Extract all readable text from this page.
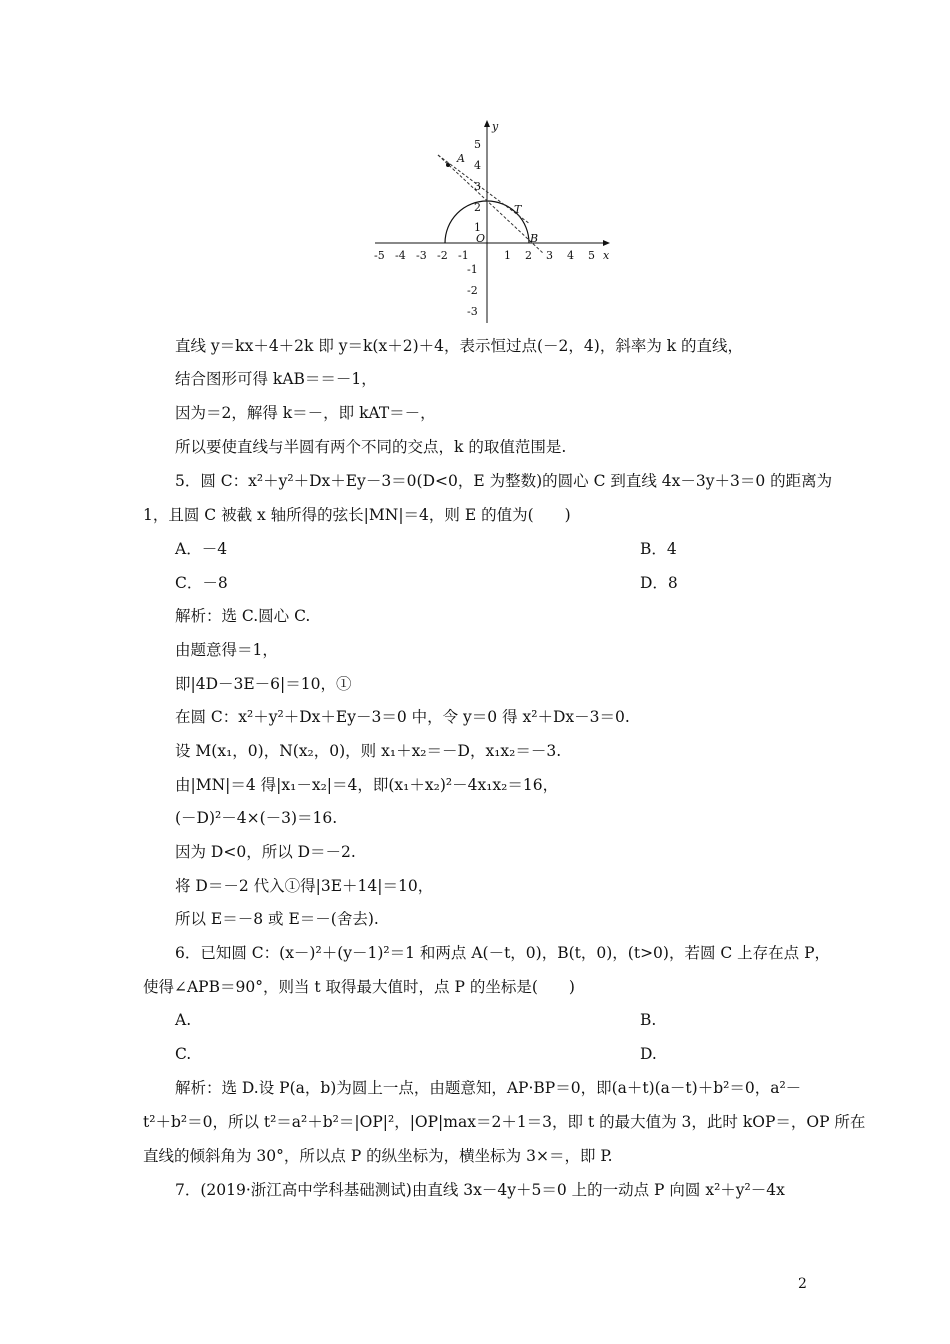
A
T
B
O
x
y
-5 -4 -3 -2 -1	1 2 3 4 5
5
4
3
2
1
-1
-2
-3
直线 y＝kx＋4＋2k 即 y＝k(x＋2)＋4，表示恒过点(－2，4)，斜率为 k 的直线，
结合图形可得 kAB＝＝－1，
因为＝2，解得 k＝－，即 kAT＝－，
所以要使直线与半圆有两个不同的交点，k 的取值范围是.
5．圆 C：x²＋y²＋Dx＋Ey－3＝0(D<0，E 为整数)的圆心 C 到直线 4x－3y＋3＝0 的距离为
1，且圆 C 被截 x 轴所得的弦长|MN|＝4，则 E 的值为(　　)
A．－4	B．4
C．－8	D．8
解析：选 C.圆心 C.
由题意得＝1，
即|4D－3E－6|＝10，①
在圆 C：x²＋y²＋Dx＋Ey－3＝0 中，令 y＝0 得 x²＋Dx－3＝0.
设 M(x₁，0)，N(x₂，0)，则 x₁＋x₂＝－D，x₁x₂＝－3.
由|MN|＝4 得|x₁－x₂|＝4，即(x₁＋x₂)²－4x₁x₂＝16，
(－D)²－4×(－3)＝16.
因为 D<0，所以 D＝－2.
将 D＝－2 代入①得|3E＋14|＝10，
所以 E＝－8 或 E＝－(舍去).
6．已知圆 C：(x－)²＋(y－1)²＝1 和两点 A(－t，0)，B(t，0)，(t>0)，若圆 C 上存在点 P，
使得∠APB＝90°，则当 t 取得最大值时，点 P 的坐标是(　　)
A.	B.
C.	D.
解析：选 D.设 P(a，b)为圆上一点，由题意知，AP·BP＝0，即(a＋t)(a－t)＋b²＝0，a²－
t²＋b²＝0，所以 t²＝a²＋b²＝|OP|²，|OP|max＝2＋1＝3，即 t 的最大值为 3，此时 kOP＝，OP 所在
直线的倾斜角为 30°，所以点 P 的纵坐标为，横坐标为 3×＝，即 P.
7．(2019·浙江高中学科基础测试)由直线 3x－4y＋5＝0 上的一动点 P 向圆 x²＋y²－4x
2
